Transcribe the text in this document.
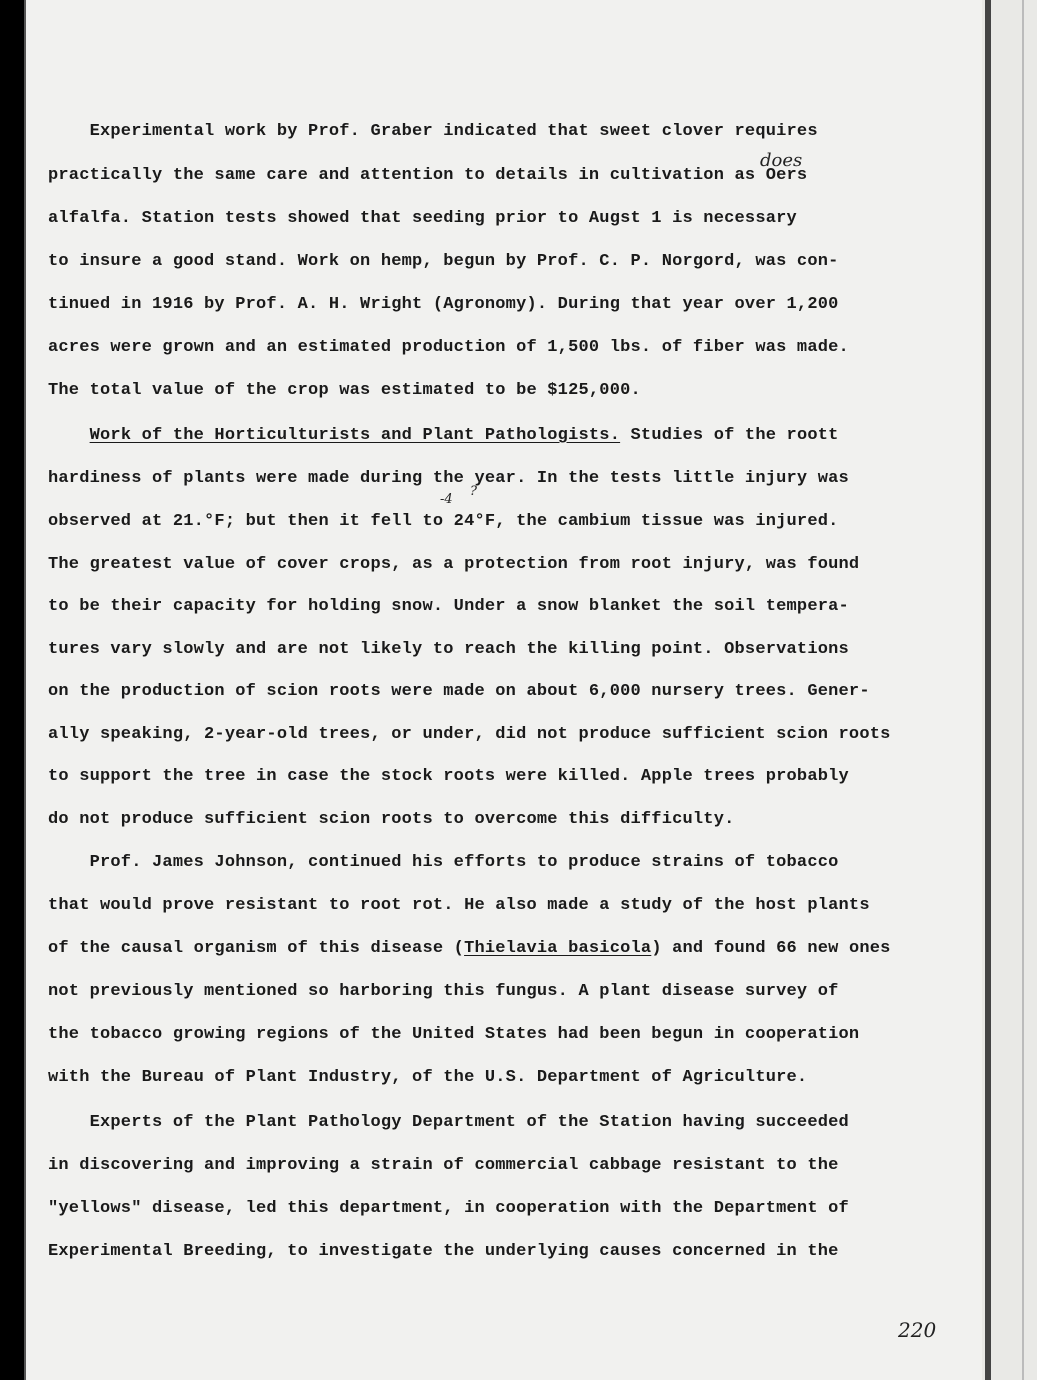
Experimental work by Prof. Graber indicated that sweet clover requires
practically the same care and attention to details in cultivation as Oers
does
alfalfa. Station tests showed that seeding prior to Augst 1 is necessary
to insure a good stand. Work on hemp, begun by Prof. C. P. Norgord, was con-
tinued in 1916 by Prof. A. H. Wright (Agronomy). During that year over 1,200
acres were grown and an estimated production of 1,500 lbs. of fiber was made.
The total value of the crop was estimated to be $125,000.
Work of the Horticulturists and Plant Pathologists. Studies of the roott
hardiness of plants were made during the year. In the tests little injury was
-4
?
observed at 21.°F; but then it fell to 24°F, the cambium tissue was injured.
The greatest value of cover crops, as a protection from root injury, was found
to be their capacity for holding snow. Under a snow blanket the soil tempera-
tures vary slowly and are not likely to reach the killing point. Observations
on the production of scion roots were made on about 6,000 nursery trees. Gener-
ally speaking, 2-year-old trees, or under, did not produce sufficient scion roots
to support the tree in case the stock roots were killed. Apple trees probably
do not produce sufficient scion roots to overcome this difficulty.
Prof. James Johnson, continued his efforts to produce strains of tobacco
that would prove resistant to root rot. He also made a study of the host plants
of the causal organism of this disease (Thielavia basicola) and found 66 new ones
not previously mentioned so harboring this fungus. A plant disease survey of
the tobacco growing regions of the United States had been begun in cooperation
with the Bureau of Plant Industry, of the U.S. Department of Agriculture.
Experts of the Plant Pathology Department of the Station having succeeded
in discovering and improving a strain of commercial cabbage resistant to the
"yellows" disease, led this department, in cooperation with the Department of
Experimental Breeding, to investigate the underlying causes concerned in the
220
